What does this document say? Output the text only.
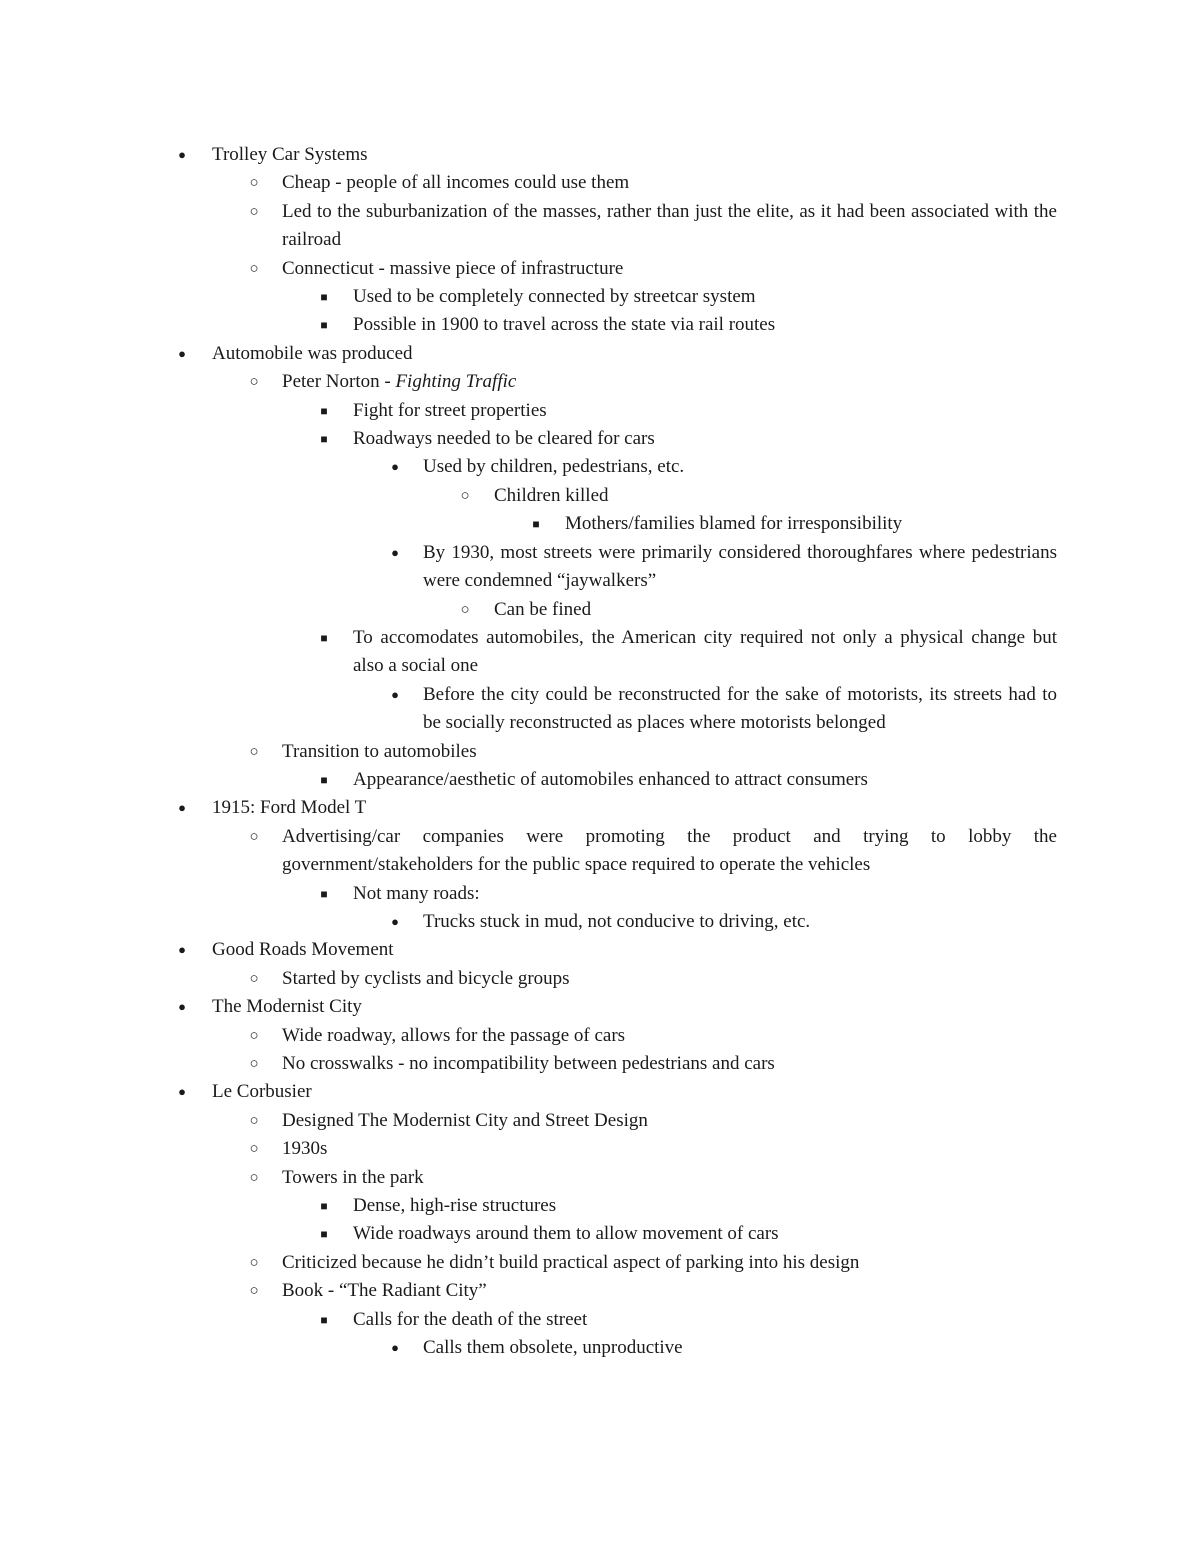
●	Trolley Car Systems
○ Cheap - people of all incomes could use them
○ Led to the suburbanization of the masses, rather than just the elite, as it had been associated with the railroad
○ Connecticut - massive piece of infrastructure
■	Used to be completely connected by streetcar system
■	Possible in 1900 to travel across the state via rail routes
●	Automobile was produced
○ Peter Norton - Fighting Traffic
■	Fight for street properties
■	Roadways needed to be cleared for cars
●	Used by children, pedestrians, etc.
○ Children killed
■	Mothers/families blamed for irresponsibility
●	By 1930, most streets were primarily considered thoroughfares where pedestrians were condemned “jaywalkers”
○ Can be fined
■	To accomodates automobiles, the American city required not only a physical change but also a social one
●	Before the city could be reconstructed for the sake of motorists, its streets had to be socially reconstructed as places where motorists belonged
○ Transition to automobiles
■	Appearance/aesthetic of automobiles enhanced to attract consumers
●	1915: Ford Model T
○ Advertising/car companies were promoting the product and trying to lobby the government/stakeholders for the public space required to operate the vehicles
■	Not many roads:
●	Trucks stuck in mud, not conducive to driving, etc.
●	Good Roads Movement
○ Started by cyclists and bicycle groups
●	The Modernist City
○ Wide roadway, allows for the passage of cars
○ No crosswalks - no incompatibility between pedestrians and cars
●	Le Corbusier
○ Designed The Modernist City and Street Design
○ 1930s
○ Towers in the park
■	Dense, high-rise structures
■	Wide roadways around them to allow movement of cars
○ Criticized because he didn’t build practical aspect of parking into his design
○ Book - “The Radiant City”
■	Calls for the death of the street
●	Calls them obsolete, unproductive
